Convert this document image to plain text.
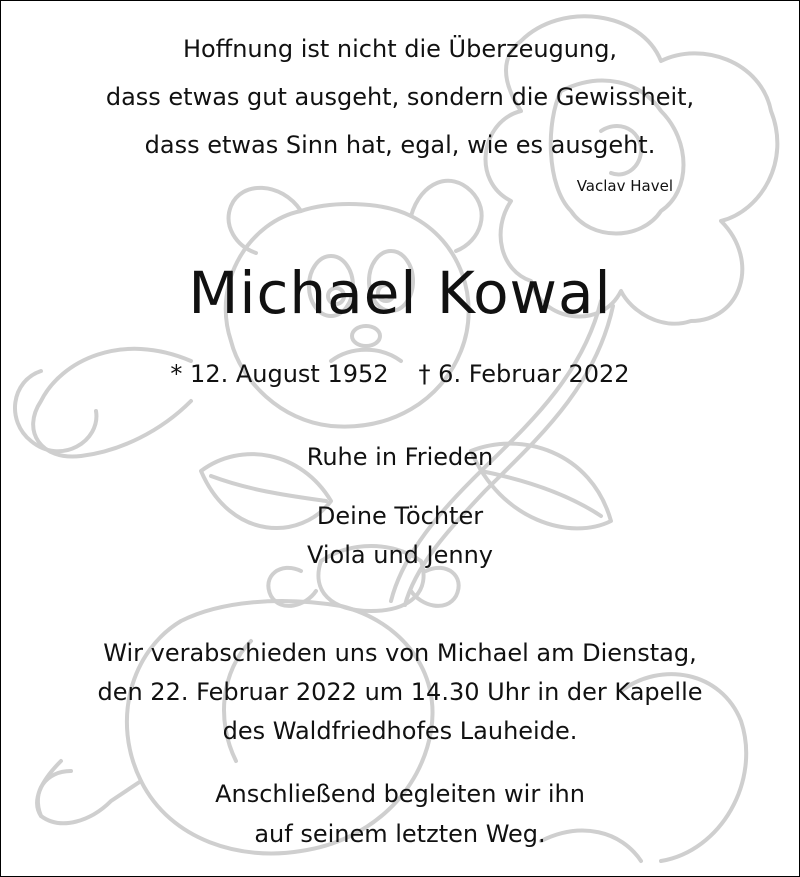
Hoffnung ist nicht die Überzeugung,
dass etwas gut ausgeht, sondern die Gewissheit,
dass etwas Sinn hat, egal, wie es ausgeht.
Vaclav Havel
Michael Kowal
* 12. August 1952 † 6. Februar 2022
Ruhe in Frieden
Deine Töchter
Viola und Jenny
Wir verabschieden uns von Michael am Dienstag,
den 22. Februar 2022 um 14.30 Uhr in der Kapelle
des Waldfriedhofes Lauheide.
Anschließend begleiten wir ihn
auf seinem letzten Weg.
